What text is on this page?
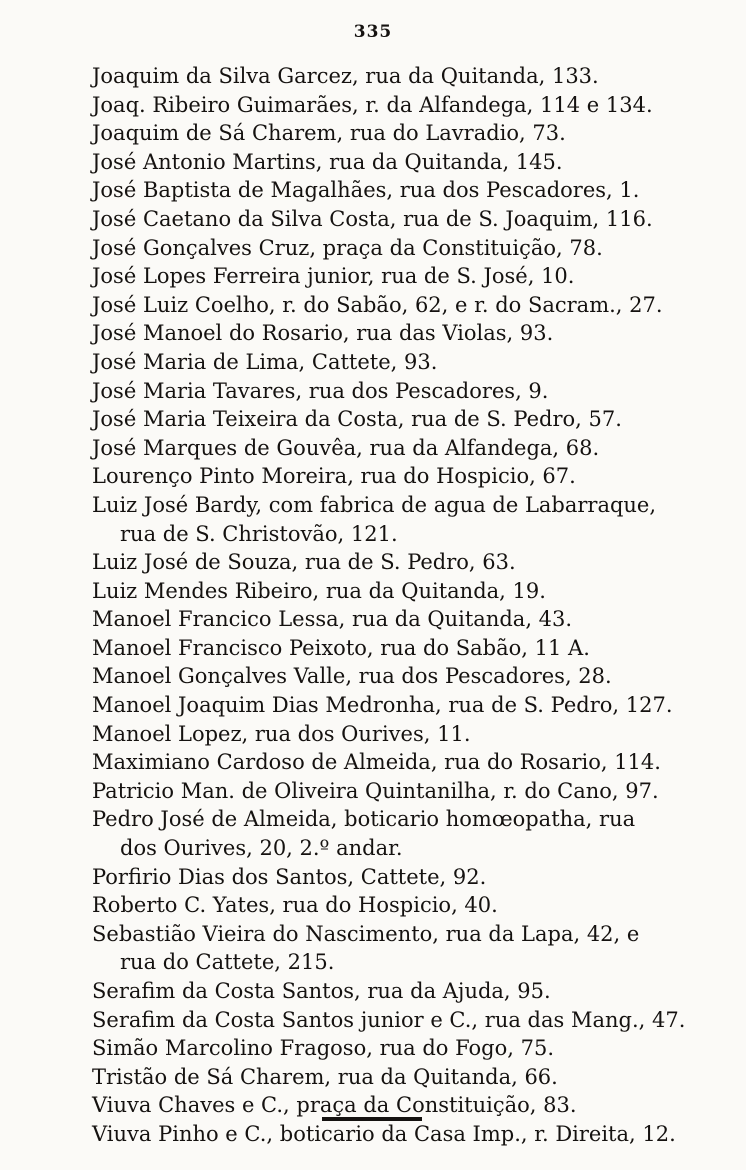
335
Joaquim da Silva Garcez, rua da Quitanda, 133.
Joaq. Ribeiro Guimarães, r. da Alfandega, 114 e 134.
Joaquim de Sá Charem, rua do Lavradio, 73.
José Antonio Martins, rua da Quitanda, 145.
José Baptista de Magalhães, rua dos Pescadores, 1.
José Caetano da Silva Costa, rua de S. Joaquim, 116.
José Gonçalves Cruz, praça da Constituição, 78.
José Lopes Ferreira junior, rua de S. José, 10.
José Luiz Coelho, r. do Sabão, 62, e r. do Sacram., 27.
José Manoel do Rosario, rua das Violas, 93.
José Maria de Lima, Cattete, 93.
José Maria Tavares, rua dos Pescadores, 9.
José Maria Teixeira da Costa, rua de S. Pedro, 57.
José Marques de Gouvêa, rua da Alfandega, 68.
Lourenço Pinto Moreira, rua do Hospicio, 67.
Luiz José Bardy, com fabrica de agua de Labarraque,
rua de S. Christovão, 121.
Luiz José de Souza, rua de S. Pedro, 63.
Luiz Mendes Ribeiro, rua da Quitanda, 19.
Manoel Francico Lessa, rua da Quitanda, 43.
Manoel Francisco Peixoto, rua do Sabão, 11 A.
Manoel Gonçalves Valle, rua dos Pescadores, 28.
Manoel Joaquim Dias Medronha, rua de S. Pedro, 127.
Manoel Lopez, rua dos Ourives, 11.
Maximiano Cardoso de Almeida, rua do Rosario, 114.
Patricio Man. de Oliveira Quintanilha, r. do Cano, 97.
Pedro José de Almeida, boticario homœopatha, rua
dos Ourives, 20, 2.º andar.
Porfirio Dias dos Santos, Cattete, 92.
Roberto C. Yates, rua do Hospicio, 40.
Sebastião Vieira do Nascimento, rua da Lapa, 42, e
rua do Cattete, 215.
Serafim da Costa Santos, rua da Ajuda, 95.
Serafim da Costa Santos junior e C., rua das Mang., 47.
Simão Marcolino Fragoso, rua do Fogo, 75.
Tristão de Sá Charem, rua da Quitanda, 66.
Viuva Chaves e C., praça da Constituição, 83.
Viuva Pinho e C., boticario da Casa Imp., r. Direita, 12.
